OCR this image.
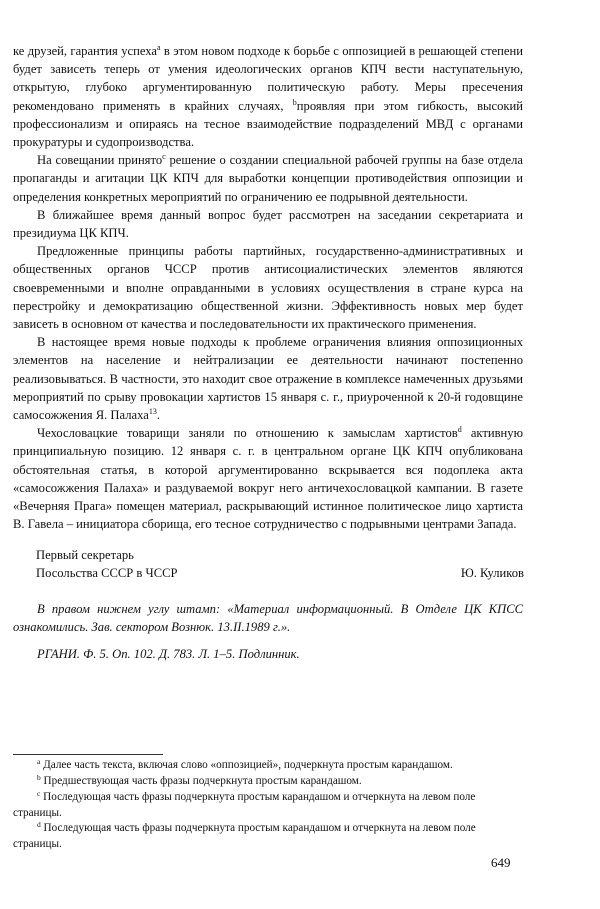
ке друзей, гарантия успеха$^a$ в этом новом подходе к борьбе с оппозицией в решающей степени будет зависеть теперь от умения идеологических органов КПЧ вести наступательную, открытую, глубоко аргументированную политическую работу. Меры пресечения рекомендовано применять в крайних случаях, $^b$проявляя при этом гибкость, высокий профессионализм и опираясь на тесное взаимодействие подразделений МВД с органами прокуратуры и судопроизводства.

На совещании принято$^c$ решение о создании специальной рабочей группы на базе отдела пропаганды и агитации ЦК КПЧ для выработки концепции противодействия оппозиции и определения конкретных мероприятий по ограничению ее подрывной деятельности.

В ближайшее время данный вопрос будет рассмотрен на заседании секретариата и президиума ЦК КПЧ.

Предложенные принципы работы партийных, государственно-административных и общественных органов ЧССР против антисоциалистических элементов являются своевременными и вполне оправданными в условиях осуществления в стране курса на перестройку и демократизацию общественной жизни. Эффективность новых мер будет зависеть в основном от качества и последовательности их практического применения.

В настоящее время новые подходы к проблеме ограничения влияния оппозиционных элементов на население и нейтрализации ее деятельности начинают постепенно реализовываться. В частности, это находит свое отражение в комплексе намеченных друзьями мероприятий по срыву провокации хартистов 15 января с. г., приуроченной к 20-й годовщине самосожжения Я. Палаха$^{13}$.

Чехословацкие товарищи заняли по отношению к замыслам хартистов$^d$ активную принципиальную позицию. 12 января с. г. в центральном органе ЦК КПЧ опубликована обстоятельная статья, в которой аргументированно вскрывается вся подоплека акта «самосожжения Палаха» и раздуваемой вокруг него античехословацкой кампании. В газете «Вечерняя Прага» помещен материал, раскрывающий истинное политическое лицо хартиста В. Гавела – инициатора сборища, его тесное сотрудничество с подрывными центрами Запада.

Первый секретарь
Посольства СССР в ЧССР	Ю. Куликов
В правом нижнем углу штамп: «Материал информационный. В Отделе ЦК КПСС ознакомились. Зав. сектором Вознюк. 13.II.1989 г.».
РГАНИ. Ф. 5. Оп. 102. Д. 783. Л. 1–5. Подлинник.
$^a$ Далее часть текста, включая слово «оппозицией», подчеркнута простым карандашом.
$^b$ Предшествующая часть фразы подчеркнута простым карандашом.
$^c$ Последующая часть фразы подчеркнута простым карандашом и отчеркнута на левом поле страницы.
$^d$ Последующая часть фразы подчеркнута простым карандашом и отчеркнута на левом поле страницы.
649
